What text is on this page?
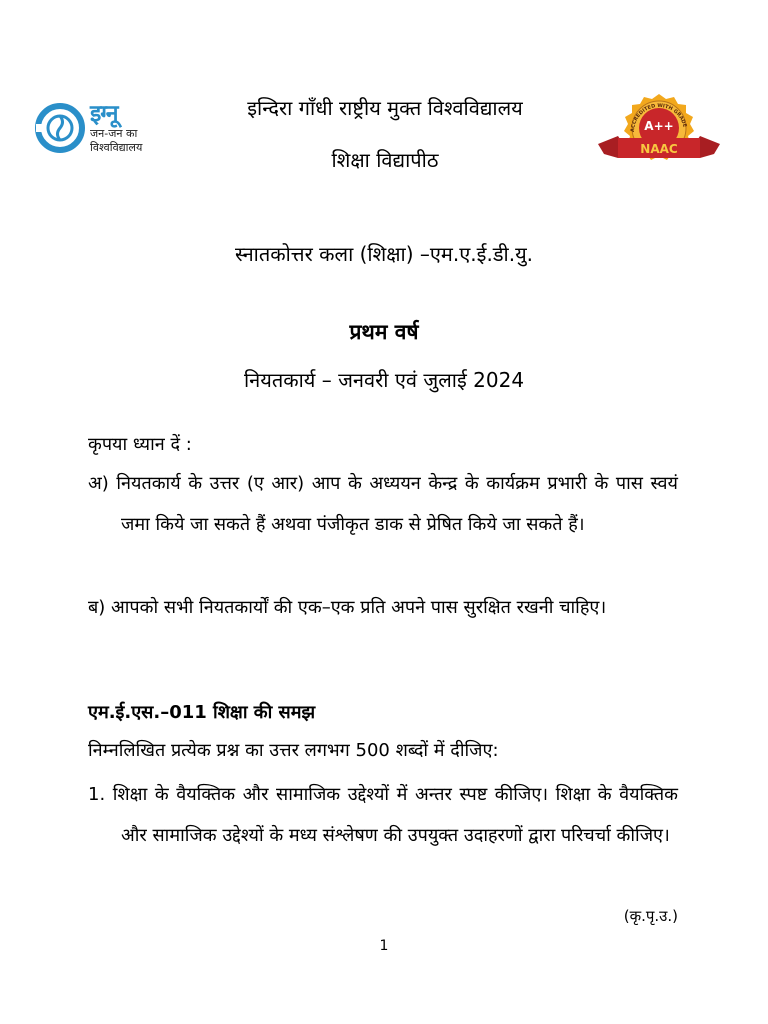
इग्नू
जन-जन का
विश्वविद्यालय
इन्दिरा गाँधी राष्ट्रीय मुक्त विश्वविद्यालय
शिक्षा विद्यापीठ
ACCREDITED WITH GRADE
A++
NAAC
स्नातकोत्तर कला (शिक्षा) –एम.ए.ई.डी.यु.
प्रथम वर्ष
नियतकार्य – जनवरी एवं जुलाई 2024
कृपया ध्यान दें :
अ) नियतकार्य के उत्तर (ए आर) आप के अध्ययन केन्द्र के कार्यक्रम प्रभारी के पास स्वयं जमा किये जा सकते हैं अथवा पंजीकृत डाक से प्रेषित किये जा सकते हैं।
ब) आपको सभी नियतकार्यों की एक–एक प्रति अपने पास सुरक्षित रखनी चाहिए।
एम.ई.एस.–011 शिक्षा की समझ
निम्नलिखित प्रत्येक प्रश्न का उत्तर लगभग 500 शब्दों में दीजिए:
1. शिक्षा के वैयक्तिक और सामाजिक उद्देश्यों में अन्तर स्पष्ट कीजिए। शिक्षा के वैयक्तिक और सामाजिक उद्देश्यों के मध्य संश्लेषण की उपयुक्त उदाहरणों द्वारा परिचर्चा कीजिए।
(कृ.पृ.उ.)
1
